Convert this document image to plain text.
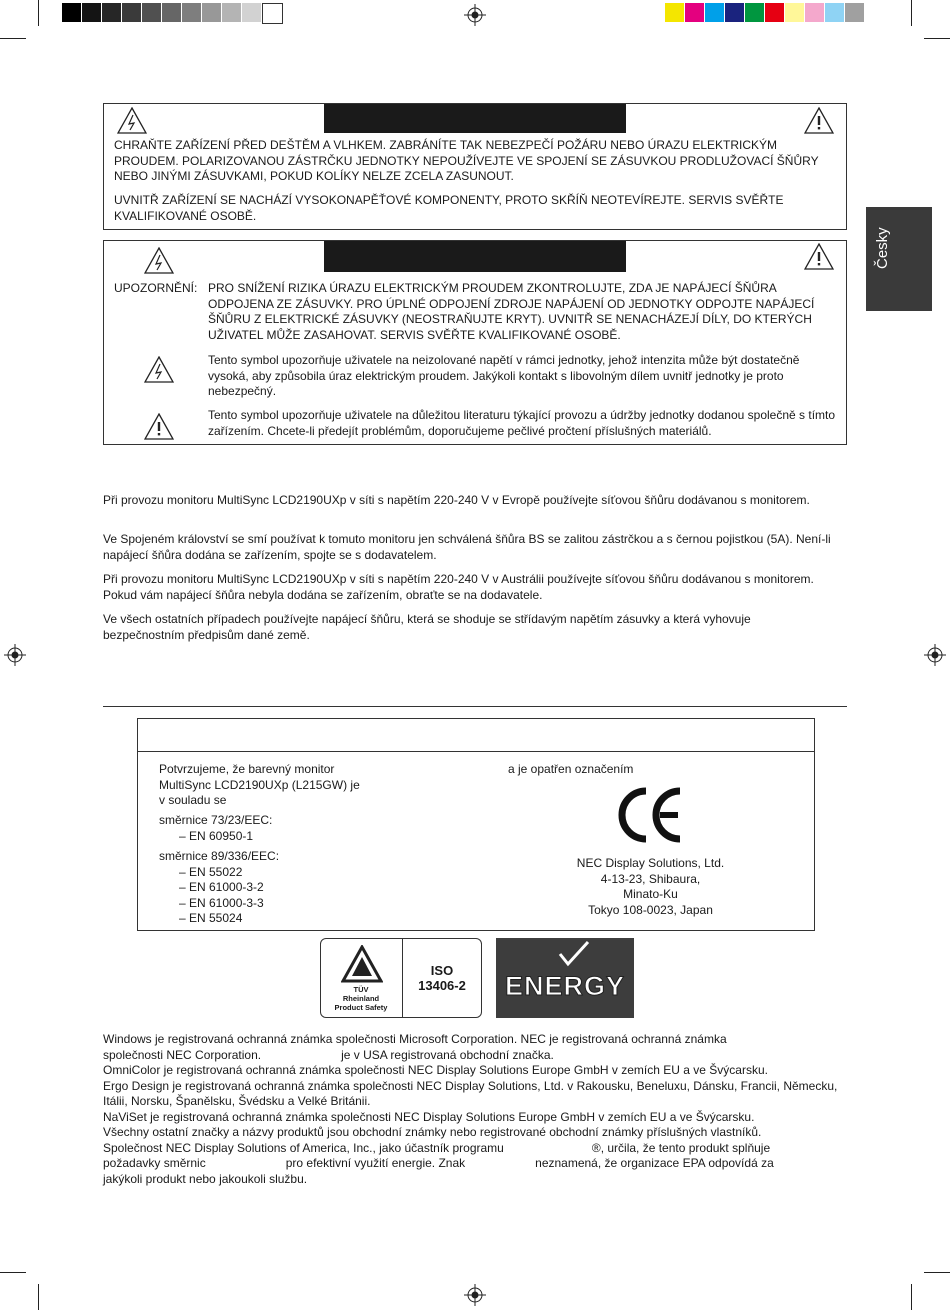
Česky
CHRAŇTE ZAŘÍZENÍ PŘED DEŠTĚM A VLHKEM. ZABRÁNÍTE TAK NEBEZPEČÍ POŽÁRU NEBO ÚRAZU ELEKTRICKÝM PROUDEM. POLARIZOVANOU ZÁSTRČKU JEDNOTKY NEPOUŽÍVEJTE VE SPOJENÍ SE ZÁSUVKOU PRODLUŽOVACÍ ŠŇŮRY NEBO JINÝMI ZÁSUVKAMI, POKUD KOLÍKY NELZE ZCELA ZASUNOUT.
UVNITŘ ZAŘÍZENÍ SE NACHÁZÍ VYSOKONAPĚŤOVÉ KOMPONENTY, PROTO SKŘÍŇ NEOTEVÍREJTE. SERVIS SVĚŘTE KVALIFIKOVANÉ OSOBĚ.
UPOZORNĚNÍ: PRO SNÍŽENÍ RIZIKA ÚRAZU ELEKTRICKÝM PROUDEM ZKONTROLUJTE, ZDA JE NAPÁJECÍ ŠŇŮRA ODPOJENA ZE ZÁSUVKY. PRO ÚPLNÉ ODPOJENÍ ZDROJE NAPÁJENÍ OD JEDNOTKY ODPOJTE NAPÁJECÍ ŠŇŮRU Z ELEKTRICKÉ ZÁSUVKY (NEOSTRAŇUJTE KRYT). UVNITŘ SE NENACHÁZEJÍ DÍLY, DO KTERÝCH UŽIVATEL MŮŽE ZASAHOVAT. SERVIS SVĚŘTE KVALIFIKOVANÉ OSOBĚ.
Tento symbol upozorňuje uživatele na neizolované napětí v rámci jednotky, jehož intenzita může být dostatečně vysoká, aby způsobila úraz elektrickým proudem. Jakýkoli kontakt s libovolným dílem uvnitř jednotky je proto nebezpečný.
Tento symbol upozorňuje uživatele na důležitou literaturu týkající provozu a údržby jednotky dodanou společně s tímto zařízením. Chcete-li předejít problémům, doporučujeme pečlivé pročtení příslušných materiálů.
Při provozu monitoru MultiSync LCD2190UXp v síti s napětím 220-240 V v Evropě používejte síťovou šňůru dodávanou s monitorem.
Ve Spojeném království se smí používat k tomuto monitoru jen schválená šňůra BS se zalitou zástrčkou a s černou pojistkou (5A). Není-li napájecí šňůra dodána se zařízením, spojte se s dodavatelem.
Při provozu monitoru MultiSync LCD2190UXp v síti s napětím 220-240 V v Austrálii používejte síťovou šňůru dodávanou s monitorem. Pokud vám napájecí šňůra nebyla dodána se zařízením, obraťte se na dodavatele.
Ve všech ostatních případech používejte napájecí šňůru, která se shoduje se střídavým napětím zásuvky a která vyhovuje bezpečnostním předpisům dané země.
Potvrzujeme, že barevný monitor
MultiSync LCD2190UXp (L215GW) je
v souladu se
směrnice 73/23/EEC:
– EN 60950-1
směrnice 89/336/EEC:
– EN 55022
– EN 61000-3-2
– EN 61000-3-3
– EN 55024
a je opatřen označením
NEC Display Solutions, Ltd.
4-13-23, Shibaura,
Minato-Ku
Tokyo 108-0023, Japan
TÜV
Rheinland
Product Safety
ISO
13406-2	ENERGY
Windows je registrovaná ochranná známka společnosti Microsoft Corporation. NEC je registrovaná ochranná známka
společnosti NEC Corporation.	je v USA registrovaná obchodní značka.
OmniColor je registrovaná ochranná známka společnosti NEC Display Solutions Europe GmbH v zemích EU a ve Švýcarsku.
Ergo Design je registrovaná ochranná známka společnosti NEC Display Solutions, Ltd. v Rakousku, Beneluxu, Dánsku, Francii, Německu, Itálii, Norsku, Španělsku, Švédsku a Velké Británii.
NaViSet je registrovaná ochranná známka společnosti NEC Display Solutions Europe GmbH v zemích EU a ve Švýcarsku.
Všechny ostatní značky a názvy produktů jsou obchodní známky nebo registrované obchodní známky příslušných vlastníků.
Společnost NEC Display Solutions of America, Inc., jako účastník programu	®, určila, že tento produkt splňuje
požadavky směrnic	pro efektivní využití energie. Znak	neznamená, že organizace EPA odpovídá za
jakýkoli produkt nebo jakoukoli službu.
